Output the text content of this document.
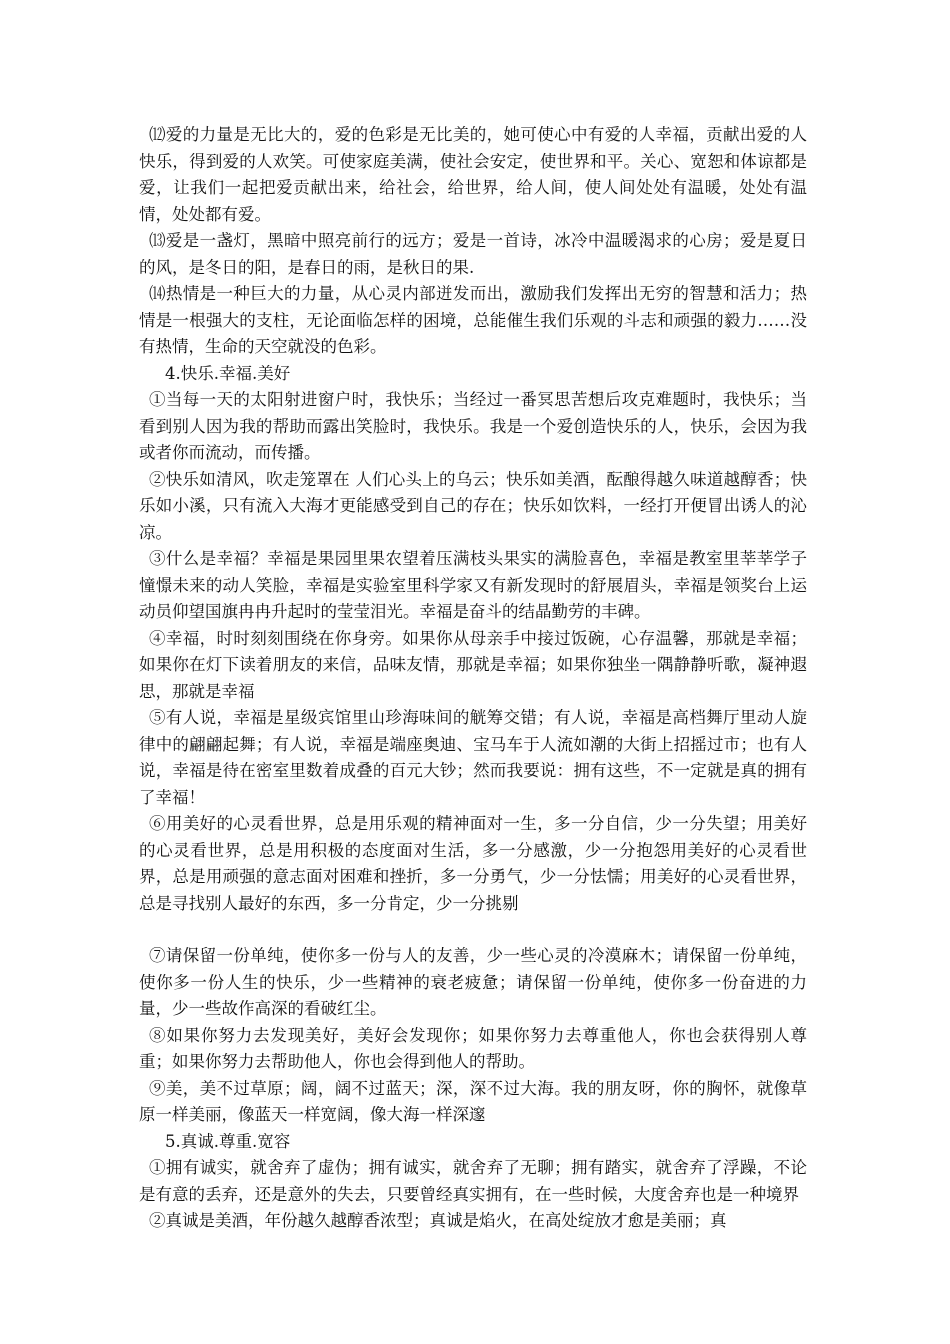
⑿爱的力量是无比大的，爱的色彩是无比美的，她可使心中有爱的人幸福，贡献出爱的人快乐，得到爱的人欢笑。可使家庭美满，使社会安定，使世界和平。关心、宽恕和体谅都是爱，让我们一起把爱贡献出来，给社会，给世界，给人间，使人间处处有温暖，处处有温情，处处都有爱。

⒀爱是一盏灯，黑暗中照亮前行的远方；爱是一首诗，冰冷中温暖渴求的心房；爱是夏日的风，是冬日的阳，是春日的雨，是秋日的果.

⒁热情是一种巨大的力量，从心灵内部迸发而出，激励我们发挥出无穷的智慧和活力；热情是一根强大的支柱，无论面临怎样的困境，总能催生我们乐观的斗志和顽强的毅力……没有热情，生命的天空就没的色彩。

4.快乐.幸福.美好

①当每一天的太阳射进窗户时，我快乐；当经过一番冥思苦想后攻克难题时，我快乐；当看到别人因为我的帮助而露出笑脸时，我快乐。我是一个爱创造快乐的人，快乐，会因为我或者你而流动，而传播。

②快乐如清风，吹走笼罩在 人们心头上的乌云；快乐如美酒，酝酿得越久味道越醇香；快乐如小溪，只有流入大海才更能感受到自己的存在；快乐如饮料，一经打开便冒出诱人的沁凉。

③什么是幸福？幸福是果园里果农望着压满枝头果实的满脸喜色，幸福是教室里莘莘学子憧憬未来的动人笑脸，幸福是实验室里科学家又有新发现时的舒展眉头，幸福是领奖台上运动员仰望国旗冉冉升起时的莹莹泪光。幸福是奋斗的结晶勤劳的丰碑。

④幸福，时时刻刻围绕在你身旁。如果你从母亲手中接过饭碗，心存温馨，那就是幸福；如果你在灯下读着朋友的来信，品味友情，那就是幸福；如果你独坐一隅静静听歌，凝神遐思，那就是幸福

⑤有人说，幸福是星级宾馆里山珍海味间的觥筹交错；有人说，幸福是高档舞厅里动人旋律中的翩翩起舞；有人说，幸福是端座奥迪、宝马车于人流如潮的大街上招摇过市；也有人说，幸福是待在密室里数着成叠的百元大钞；然而我要说：拥有这些，不一定就是真的拥有了幸福！

⑥用美好的心灵看世界，总是用乐观的精神面对一生，多一分自信，少一分失望；用美好的心灵看世界，总是用积极的态度面对生活，多一分感激，少一分抱怨用美好的心灵看世界，总是用顽强的意志面对困难和挫折，多一分勇气，少一分怯懦；用美好的心灵看世界，总是寻找别人最好的东西，多一分肯定，少一分挑剔

⑦请保留一份单纯，使你多一份与人的友善，少一些心灵的冷漠麻木；请保留一份单纯，使你多一份人生的快乐，少一些精神的衰老疲惫；请保留一份单纯，使你多一份奋进的力量，少一些故作高深的看破红尘。

⑧如果你努力去发现美好，美好会发现你；如果你努力去尊重他人，你也会获得别人尊重；如果你努力去帮助他人，你也会得到他人的帮助。

⑨美，美不过草原；阔，阔不过蓝天；深，深不过大海。我的朋友呀，你的胸怀，就像草原一样美丽，像蓝天一样宽阔，像大海一样深邃

5.真诚.尊重.宽容

①拥有诚实，就舍弃了虚伪；拥有诚实，就舍弃了无聊；拥有踏实，就舍弃了浮躁，不论是有意的丢弃，还是意外的失去，只要曾经真实拥有，在一些时候，大度舍弃也是一种境界

②真诚是美酒，年份越久越醇香浓型；真诚是焰火，在高处绽放才愈是美丽；真
